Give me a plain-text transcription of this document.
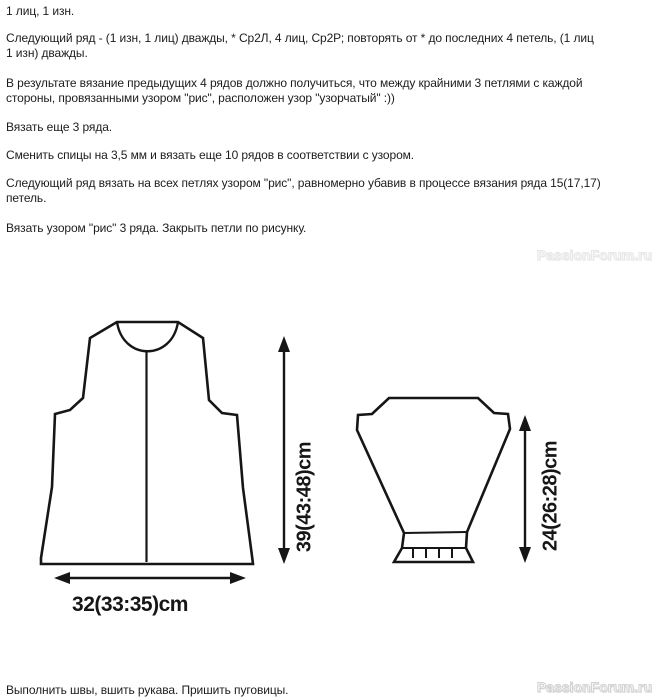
1 лиц, 1 изн.
Следующий ряд - (1 изн, 1 лиц) дважды, * Ср2Л, 4 лиц, Ср2Р; повторять от * до последних 4 петель, (1 лиц
1 изн) дважды.
В результате вязание предыдущих 4 рядов должно получиться, что между крайними 3 петлями с каждой
стороны, провязанными узором "рис", расположен узор "узорчатый" :))
Вязать еще 3 ряда.
Сменить спицы на 3,5 мм и вязать еще 10 рядов в соответствии с узором.
Следующий ряд вязать на всех петлях узором "рис", равномерно убавив в процессе вязания ряда 15(17,17)
петель.
Вязать узором "рис" 3 ряда. Закрыть петли по рисунку.
Выполнить швы, вшить рукава. Пришить пуговицы.
39(43:48)cm
32(33:35)cm
24(26:28)cm
PassionForum.ru
PassionForum.ru
